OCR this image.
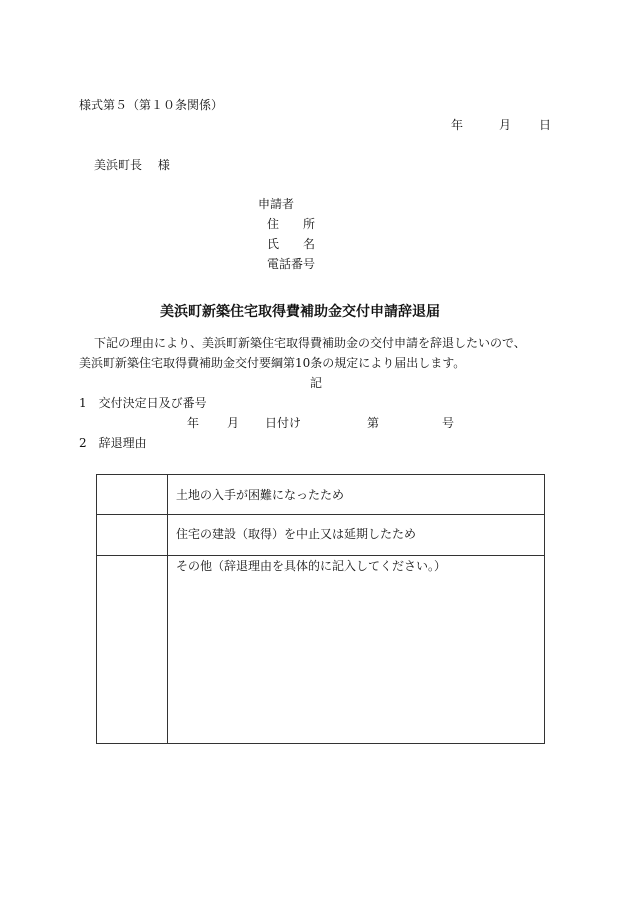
様式第５（第１０条関係）
年	月 日
美浜町長　 様
申請者
住　　所
氏　　名
電話番号
美浜町新築住宅取得費補助金交付申請辞退届
下記の理由により、美浜町新築住宅取得費補助金の交付申請を辞退したいので、
美浜町新築住宅取得費補助金交付要綱第10条の規定により届出します。
記
1　交付決定日及び番号
年 月 日付け	第	号
2　辞退理由

	土地の入手が困難になったため

	住宅の建設（取得）を中止又は延期したため

	その他（辞退理由を具体的に記入してください。）
